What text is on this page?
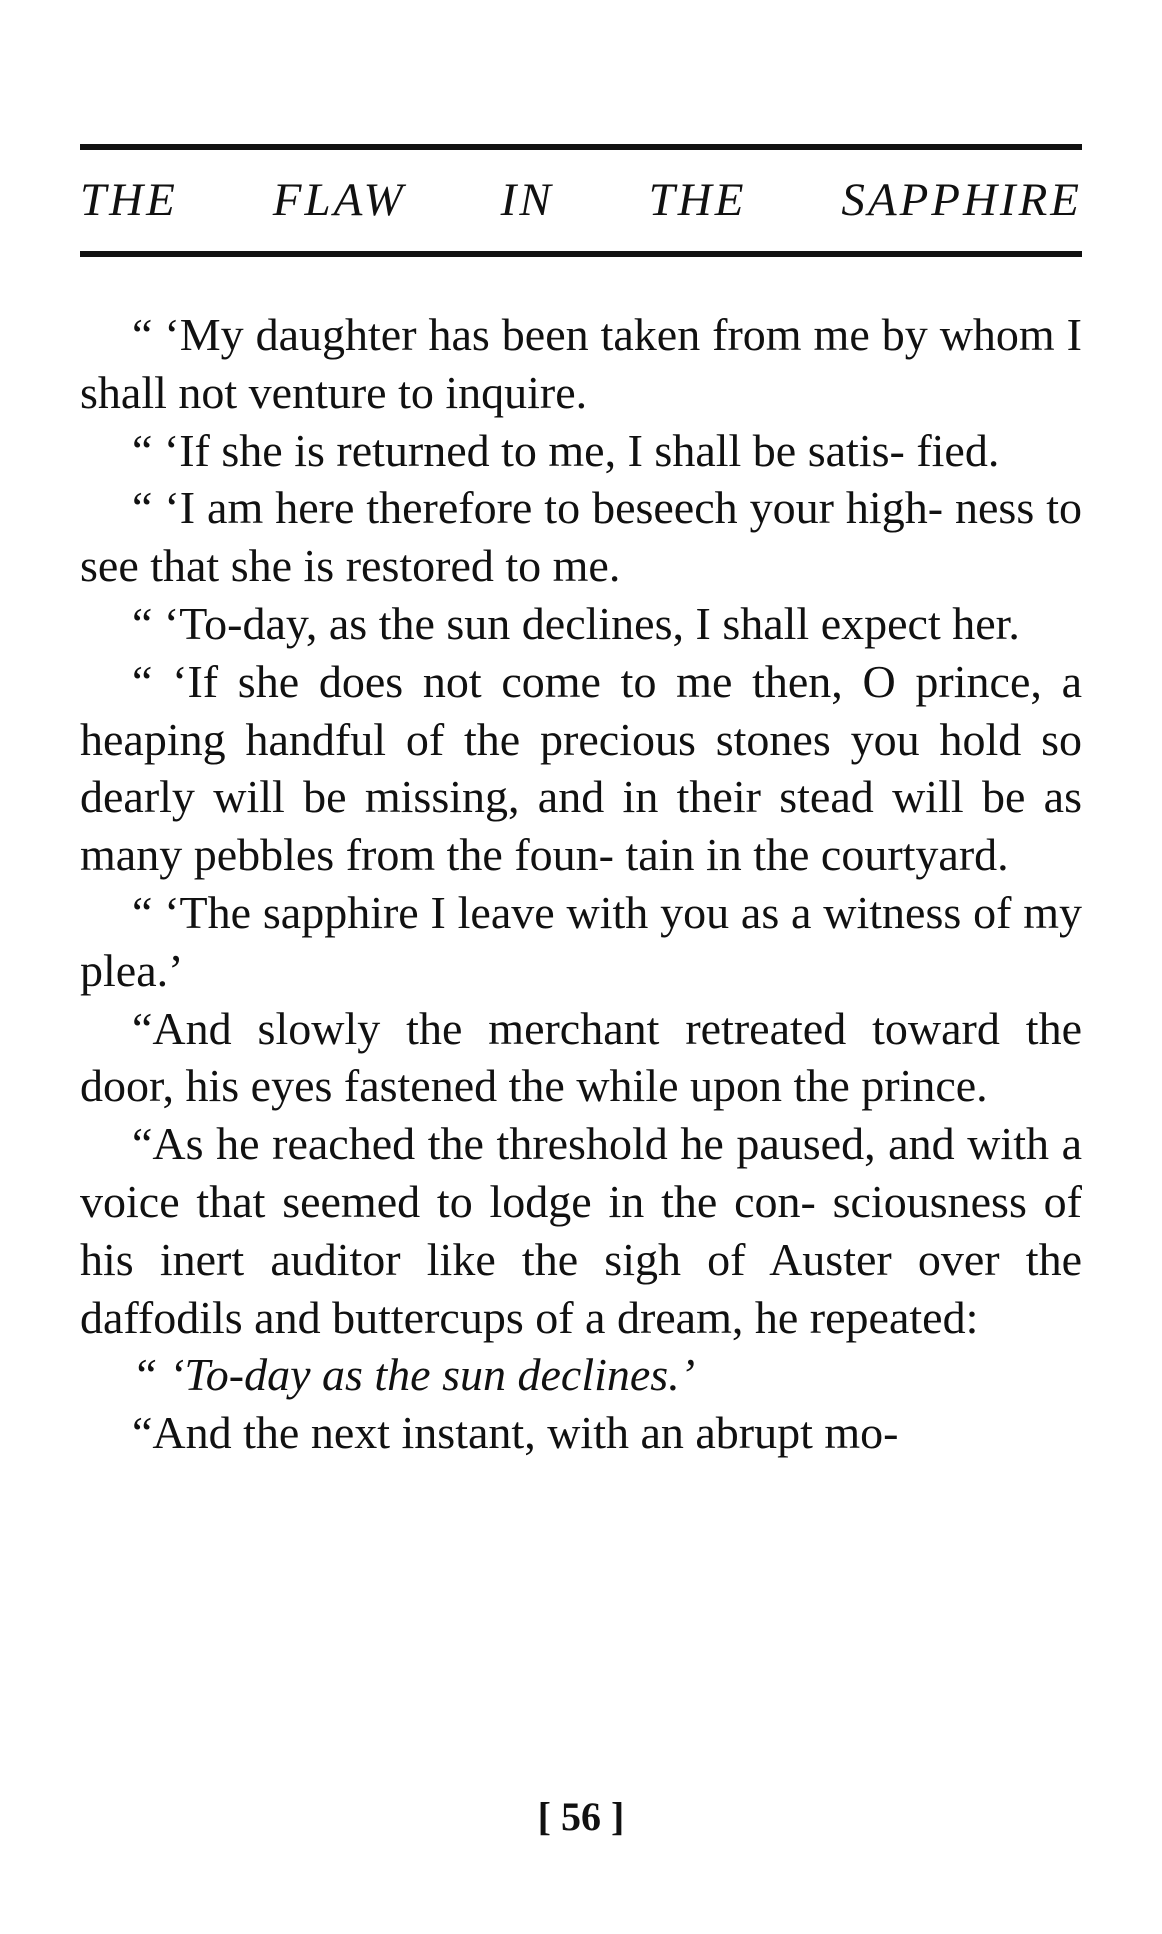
THE FLAW IN THE SAPPHIRE

“ ‘My daughter has been taken from me by whom I shall not venture to inquire.

“ ‘If she is returned to me, I shall be satis- fied.

“ ‘I am here therefore to beseech your high- ness to see that she is restored to me.

“ ‘To-day, as the sun declines, I shall expect her.

“ ‘If she does not come to me then, O prince, a heaping handful of the precious stones you hold so dearly will be missing, and in their stead will be as many pebbles from the foun- tain in the courtyard.

“ ‘The sapphire I leave with you as a witness of my plea.’

“And slowly the merchant retreated toward the door, his eyes fastened the while upon the prince.

“As he reached the threshold he paused, and with a voice that seemed to lodge in the con- sciousness of his inert auditor like the sigh of Auster over the daffodils and buttercups of a dream, he repeated:

“ ‘To-day as the sun declines.’

“And the next instant, with an abrupt mo-

[ 56 ]
